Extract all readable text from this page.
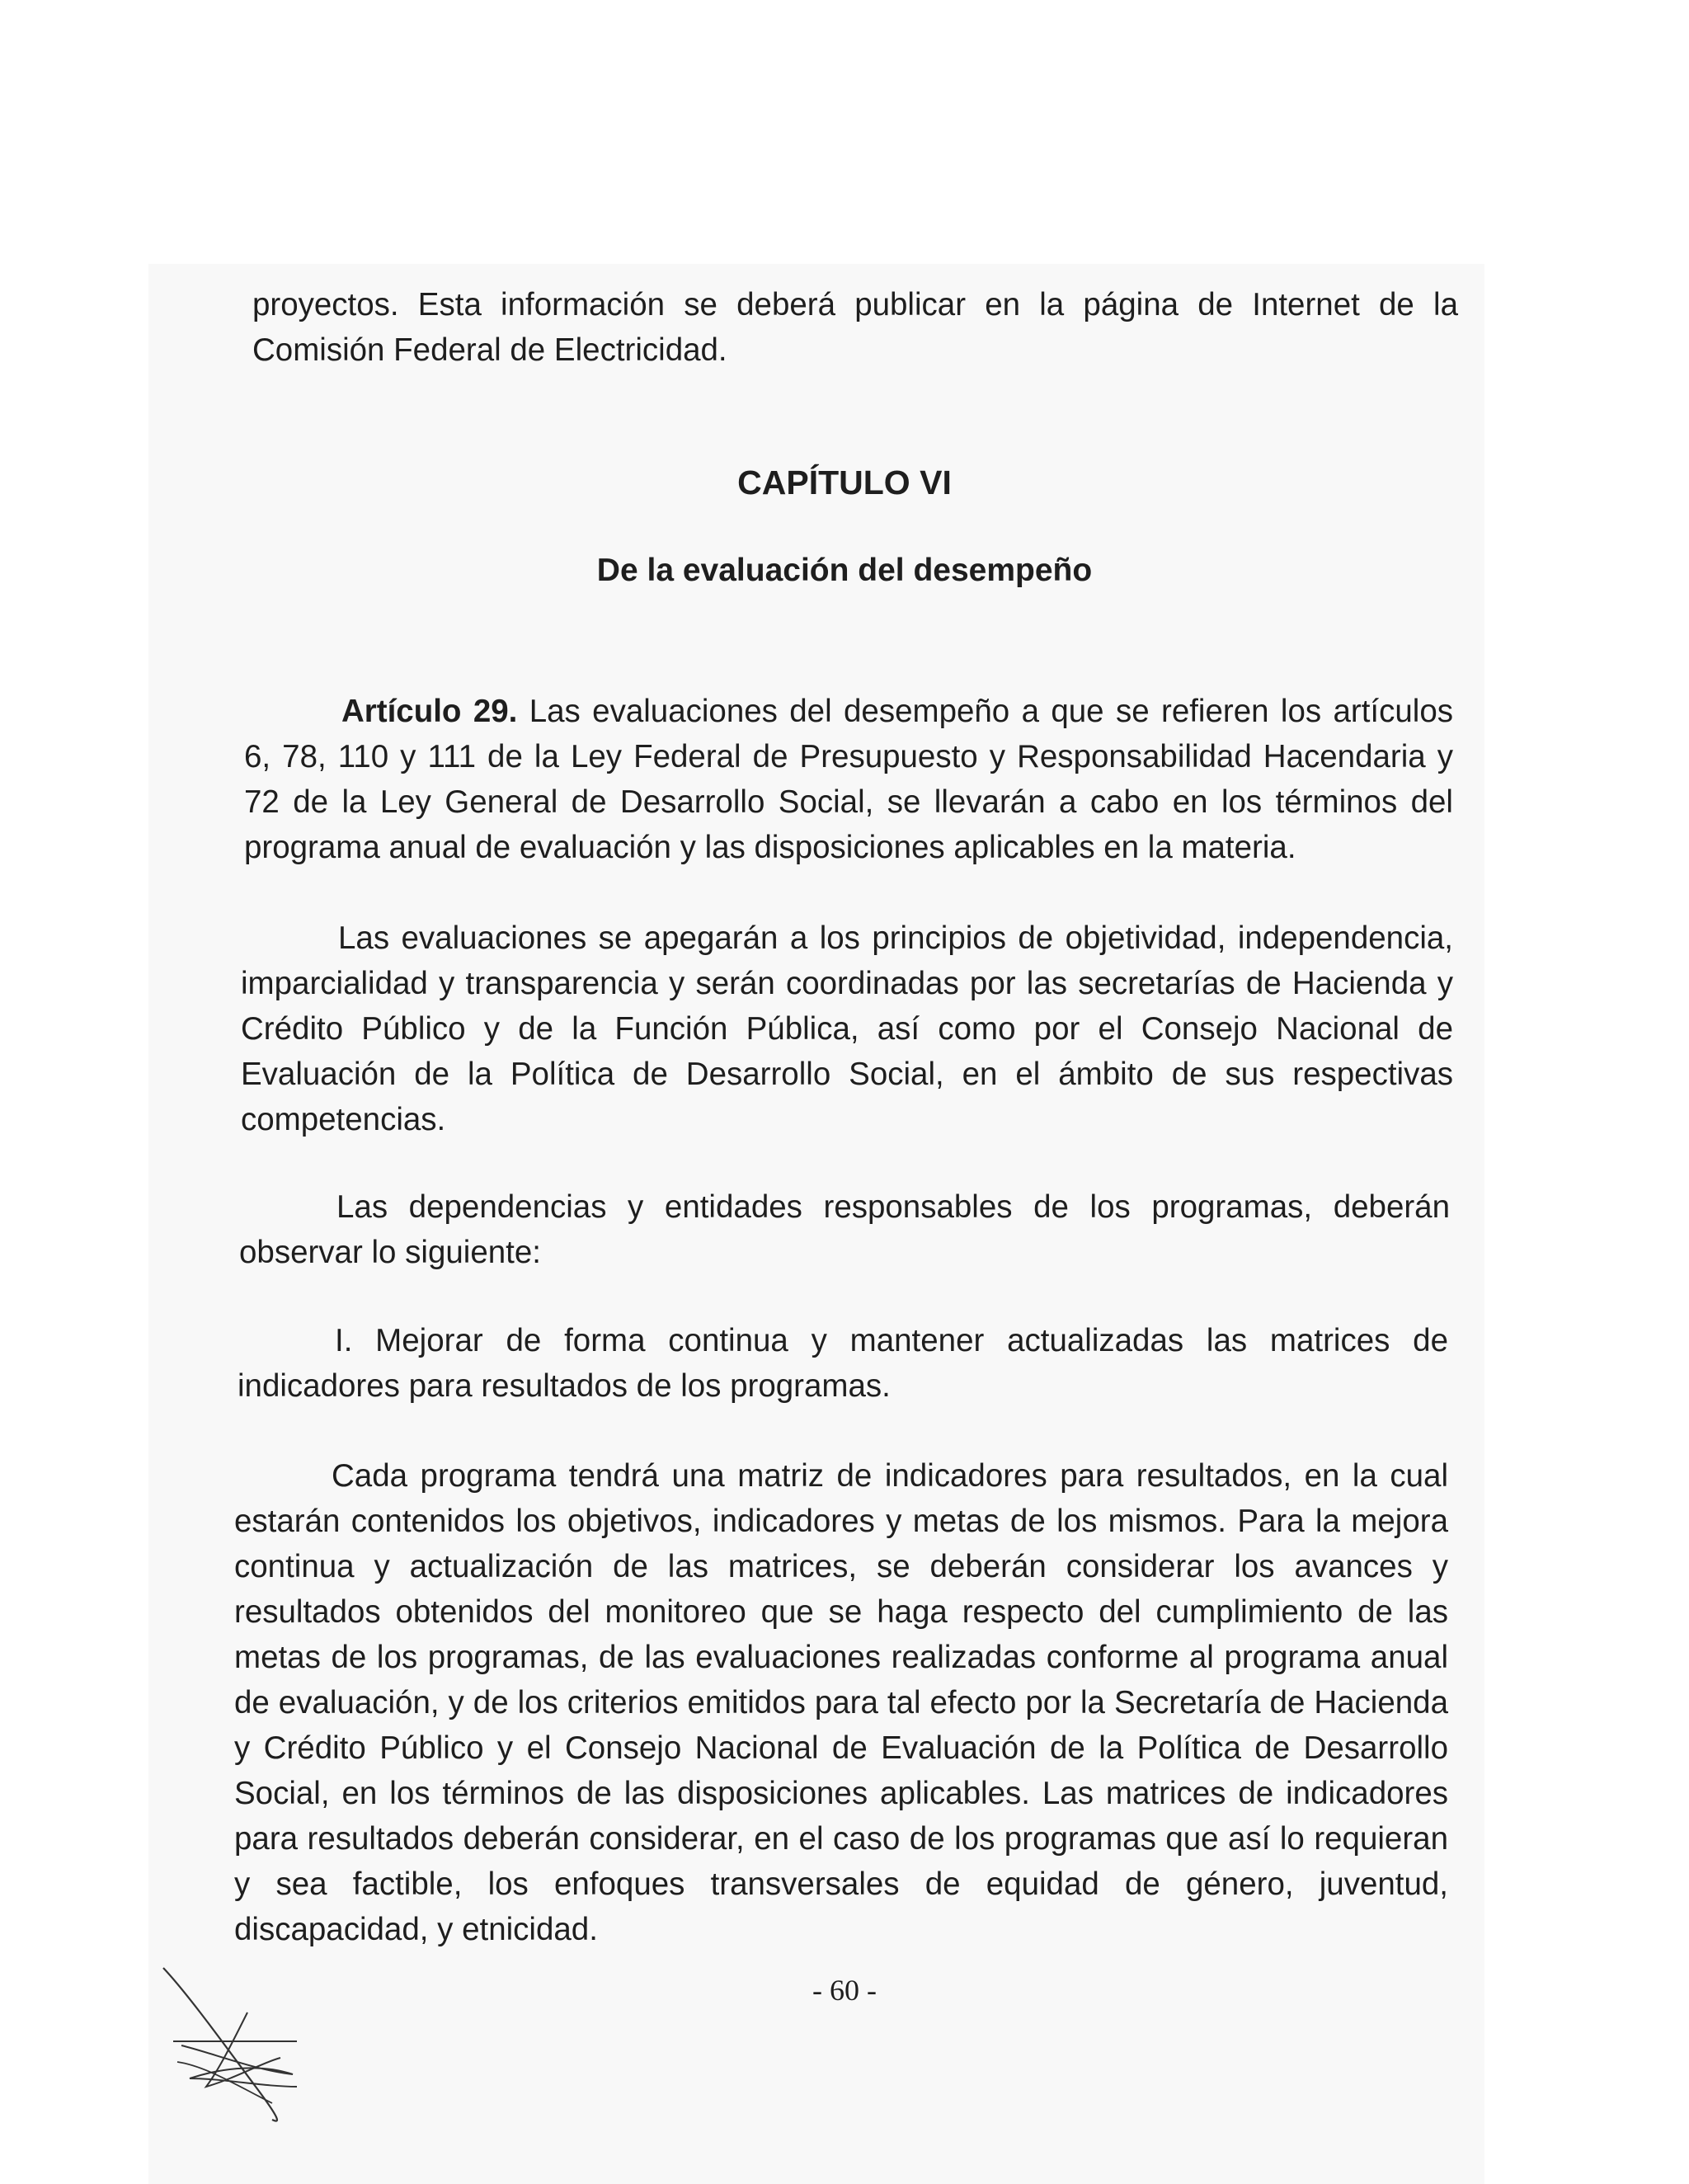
proyectos. Esta información se deberá publicar en la página de Internet de la Comisión Federal de Electricidad.

CAPÍTULO VI
De la evaluación del desempeño

Artículo 29. Las evaluaciones del desempeño a que se refieren los artículos 6, 78, 110 y 111 de la Ley Federal de Presupuesto y Responsabilidad Hacendaria y 72 de la Ley General de Desarrollo Social, se llevarán a cabo en los términos del programa anual de evaluación y las disposiciones aplicables en la materia.

Las evaluaciones se apegarán a los principios de objetividad, independencia, imparcialidad y transparencia y serán coordinadas por las secretarías de Hacienda y Crédito Público y de la Función Pública, así como por el Consejo Nacional de Evaluación de la Política de Desarrollo Social, en el ámbito de sus respectivas competencias.

Las dependencias y entidades responsables de los programas, deberán observar lo siguiente:

I. Mejorar de forma continua y mantener actualizadas las matrices de indicadores para resultados de los programas.

Cada programa tendrá una matriz de indicadores para resultados, en la cual estarán contenidos los objetivos, indicadores y metas de los mismos. Para la mejora continua y actualización de las matrices, se deberán considerar los avances y resultados obtenidos del monitoreo que se haga respecto del cumplimiento de las metas de los programas, de las evaluaciones realizadas conforme al programa anual de evaluación, y de los criterios emitidos para tal efecto por la Secretaría de Hacienda y Crédito Público y el Consejo Nacional de Evaluación de la Política de Desarrollo Social, en los términos de las disposiciones aplicables. Las matrices de indicadores para resultados deberán considerar, en el caso de los programas que así lo requieran y sea factible, los enfoques transversales de equidad de género, juventud, discapacidad, y etnicidad.

- 60 -
